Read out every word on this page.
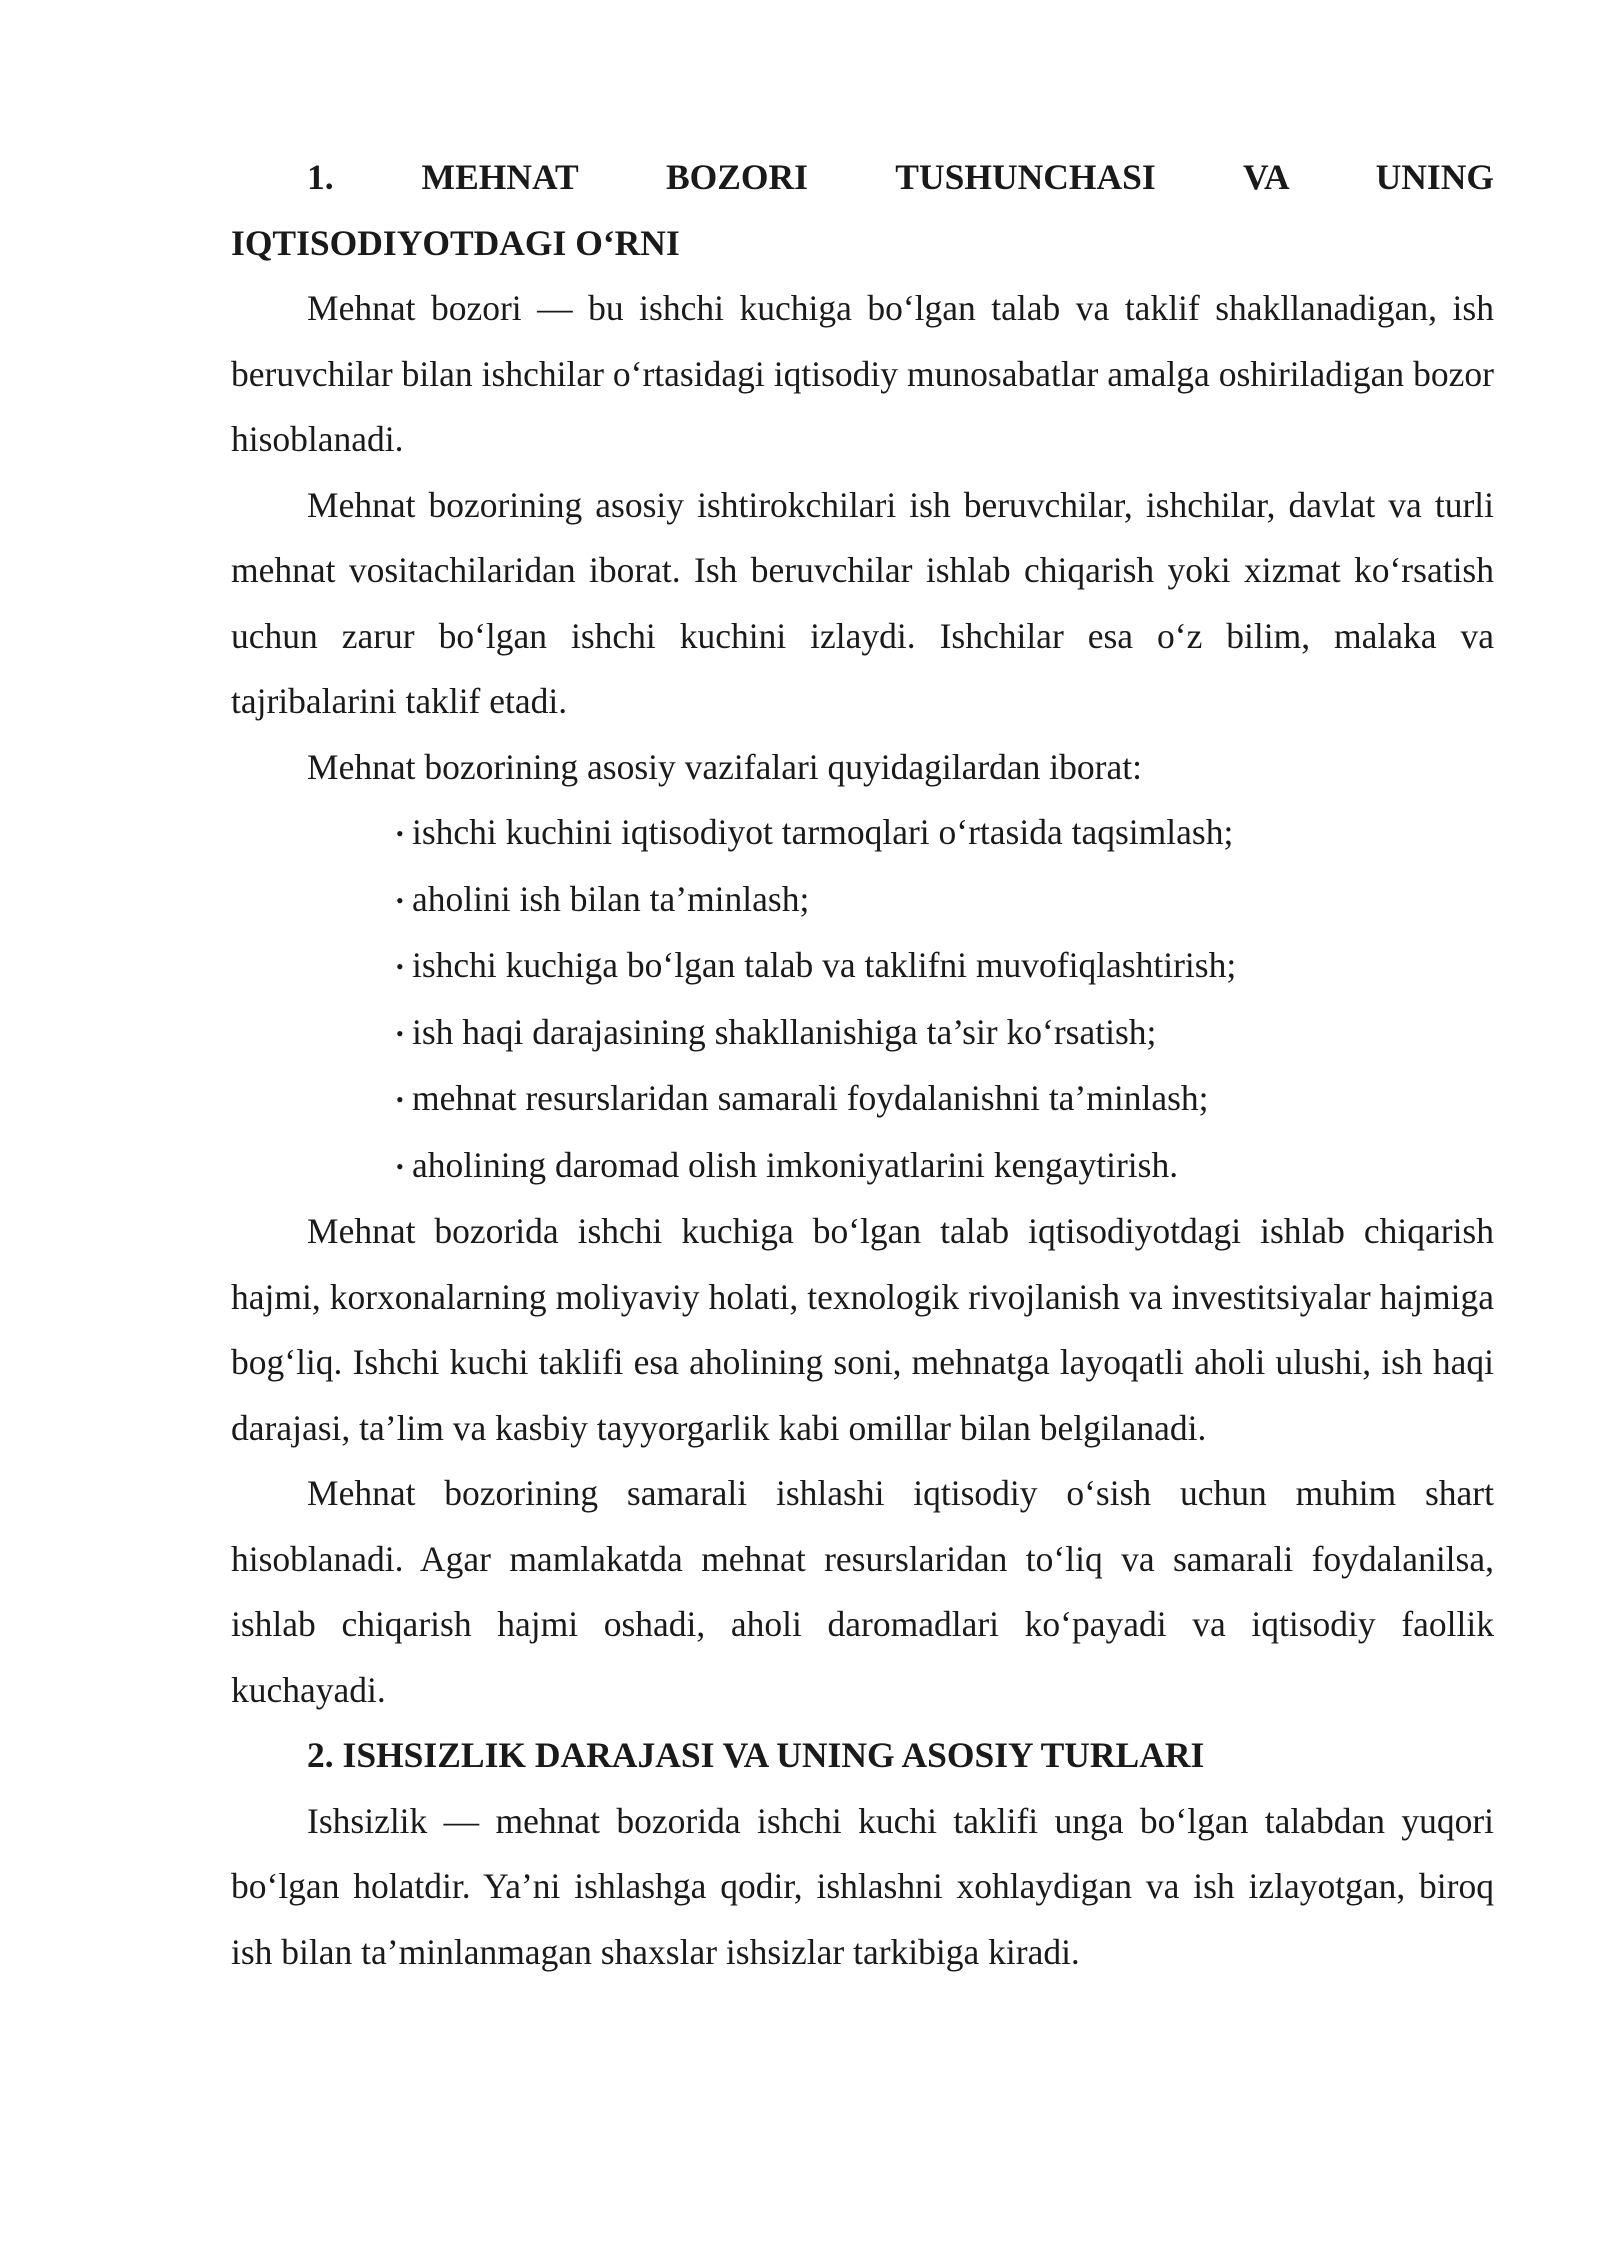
1. MEHNAT BOZORI TUSHUNCHASI VA UNING
IQTISODIYOTDAGI O‘RNI

Mehnat bozori — bu ishchi kuchiga bo‘lgan talab va taklif shakllanadigan, ish beruvchilar bilan ishchilar o‘rtasidagi iqtisodiy munosabatlar amalga oshiriladigan bozor hisoblanadi.

Mehnat bozorining asosiy ishtirokchilari ish beruvchilar, ishchilar, davlat va turli mehnat vositachilaridan iborat. Ish beruvchilar ishlab chiqarish yoki xizmat ko‘rsatish uchun zarur bo‘lgan ishchi kuchini izlaydi. Ishchilar esa o‘z bilim, malaka va tajribalarini taklif etadi.

Mehnat bozorining asosiy vazifalari quyidagilardan iborat:

• ishchi kuchini iqtisodiyot tarmoqlari o‘rtasida taqsimlash;
• aholini ish bilan ta’minlash;
• ishchi kuchiga bo‘lgan talab va taklifni muvofiqlashtirish;
• ish haqi darajasining shakllanishiga ta’sir ko‘rsatish;
• mehnat resurslaridan samarali foydalanishni ta’minlash;
• aholining daromad olish imkoniyatlarini kengaytirish.

Mehnat bozorida ishchi kuchiga bo‘lgan talab iqtisodiyotdagi ishlab chiqarish hajmi, korxonalarning moliyaviy holati, texnologik rivojlanish va investitsiyalar hajmiga bog‘liq. Ishchi kuchi taklifi esa aholining soni, mehnatga layoqatli aholi ulushi, ish haqi darajasi, ta’lim va kasbiy tayyorgarlik kabi omillar bilan belgilanadi.

Mehnat bozorining samarali ishlashi iqtisodiy o‘sish uchun muhim shart hisoblanadi. Agar mamlakatda mehnat resurslaridan to‘liq va samarali foydalanilsa, ishlab chiqarish hajmi oshadi, aholi daromadlari ko‘payadi va iqtisodiy faollik kuchayadi.

2. ISHSIZLIK DARAJASI VA UNING ASOSIY TURLARI

Ishsizlik — mehnat bozorida ishchi kuchi taklifi unga bo‘lgan talabdan yuqori bo‘lgan holatdir. Ya’ni ishlashga qodir, ishlashni xohlaydigan va ish izlayotgan, biroq ish bilan ta’minlanmagan shaxslar ishsizlar tarkibiga kiradi.
